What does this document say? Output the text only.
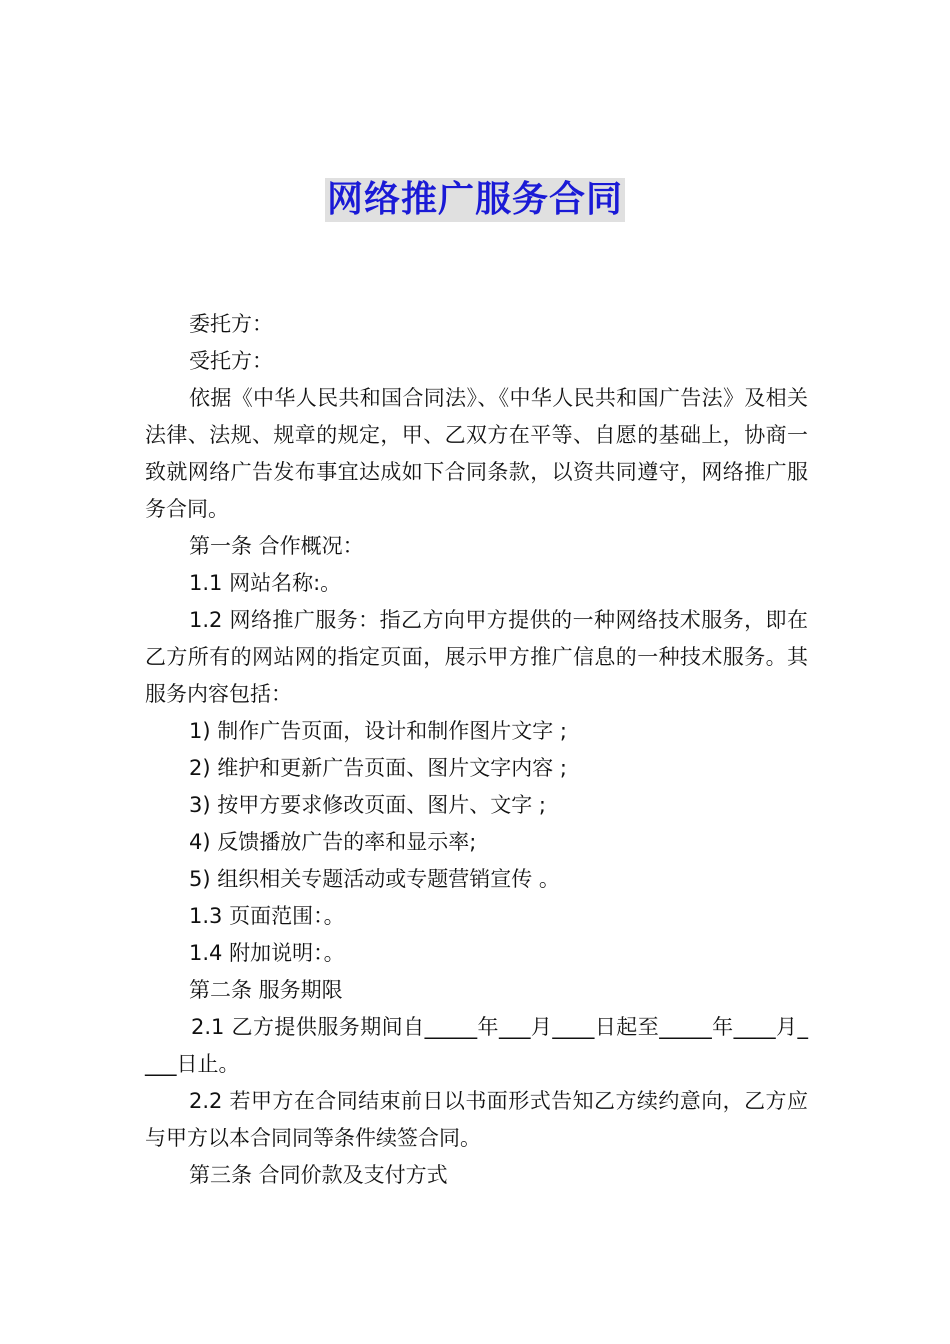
网络推广服务合同

委托方：

受托方：

依据《中华人民共和国合同法》、《中华人民共和国广告法》及相关法律、法规、规章的规定，甲、乙双方在平等、自愿的基础上，协商一致就网络广告发布事宜达成如下合同条款，以资共同遵守，网络推广服务合同。

第一条 合作概况：

1.1 网站名称:。

1.2 网络推广服务：指乙方向甲方提供的一种网络技术服务，即在乙方所有的网站网的指定页面，展示甲方推广信息的一种技术服务。其服务内容包括：

1) 制作广告页面，设计和制作图片文字 ;

2) 维护和更新广告页面、图片文字内容 ;

3) 按甲方要求修改页面、图片、文字 ;

4) 反馈播放广告的率和显示率;

5) 组织相关专题活动或专题营销宣传 。

1.3 页面范围：。

1.4 附加说明：。

第二条 服务期限

2.1 乙方提供服务期间自_____年___月____日起至_____年____月____日止。

2.2 若甲方在合同结束前日以书面形式告知乙方续约意向，乙方应与甲方以本合同同等条件续签合同。

第三条 合同价款及支付方式
